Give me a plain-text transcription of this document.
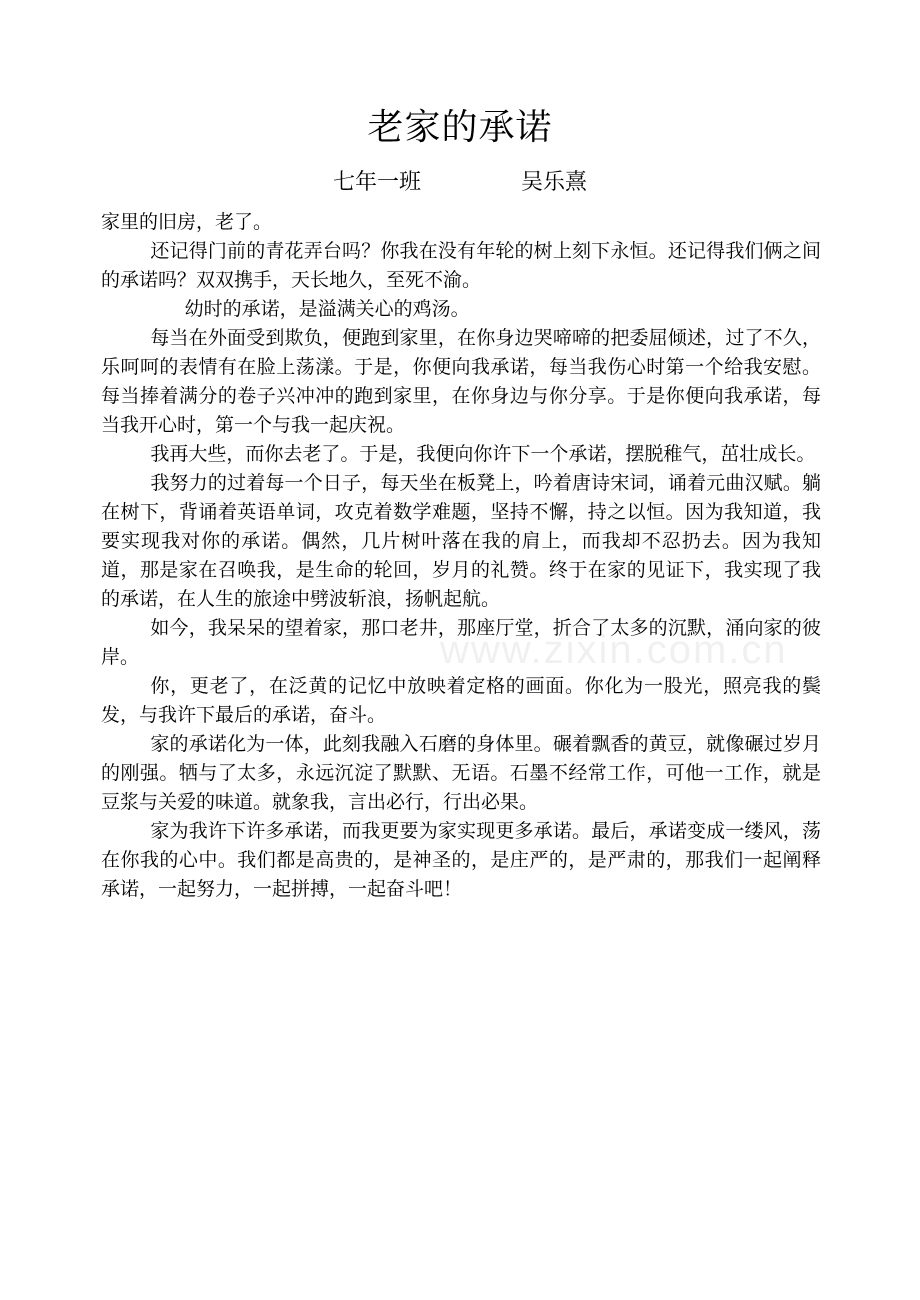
老家的承诺
七年一班	吴乐熹

家里的旧房，老了。

还记得门前的青花弄台吗？你我在没有年轮的树上刻下永恒。还记得我们俩之间的承诺吗？双双携手，天长地久，至死不渝。

幼时的承诺，是溢满关心的鸡汤。

每当在外面受到欺负，便跑到家里，在你身边哭啼啼的把委屈倾述，过了不久，乐呵呵的表情有在脸上荡漾。于是，你便向我承诺，每当我伤心时第一个给我安慰。每当捧着满分的卷子兴冲冲的跑到家里，在你身边与你分享。于是你便向我承诺，每当我开心时，第一个与我一起庆祝。

我再大些，而你去老了。于是，我便向你许下一个承诺，摆脱稚气，茁壮成长。

我努力的过着每一个日子，每天坐在板凳上，吟着唐诗宋词，诵着元曲汉赋。躺在树下，背诵着英语单词，攻克着数学难题，坚持不懈，持之以恒。因为我知道，我要实现我对你的承诺。偶然，几片树叶落在我的肩上，而我却不忍扔去。因为我知道，那是家在召唤我，是生命的轮回，岁月的礼赞。终于在家的见证下，我实现了我的承诺，在人生的旅途中劈波斩浪，扬帆起航。

如今，我呆呆的望着家，那口老井，那座厅堂，折合了太多的沉默，涌向家的彼岸。

你，更老了，在泛黄的记忆中放映着定格的画面。你化为一股光，照亮我的鬓发，与我许下最后的承诺，奋斗。

家的承诺化为一体，此刻我融入石磨的身体里。碾着飘香的黄豆，就像碾过岁月的刚强。牺与了太多，永远沉淀了默默、无语。石墨不经常工作，可他一工作，就是豆浆与关爱的味道。就象我，言出必行，行出必果。

家为我许下许多承诺，而我更要为家实现更多承诺。最后，承诺变成一缕风，荡在你我的心中。我们都是高贵的，是神圣的，是庄严的，是严肃的，那我们一起阐释承诺，一起努力，一起拼搏，一起奋斗吧！

www.zixin.com.cn
